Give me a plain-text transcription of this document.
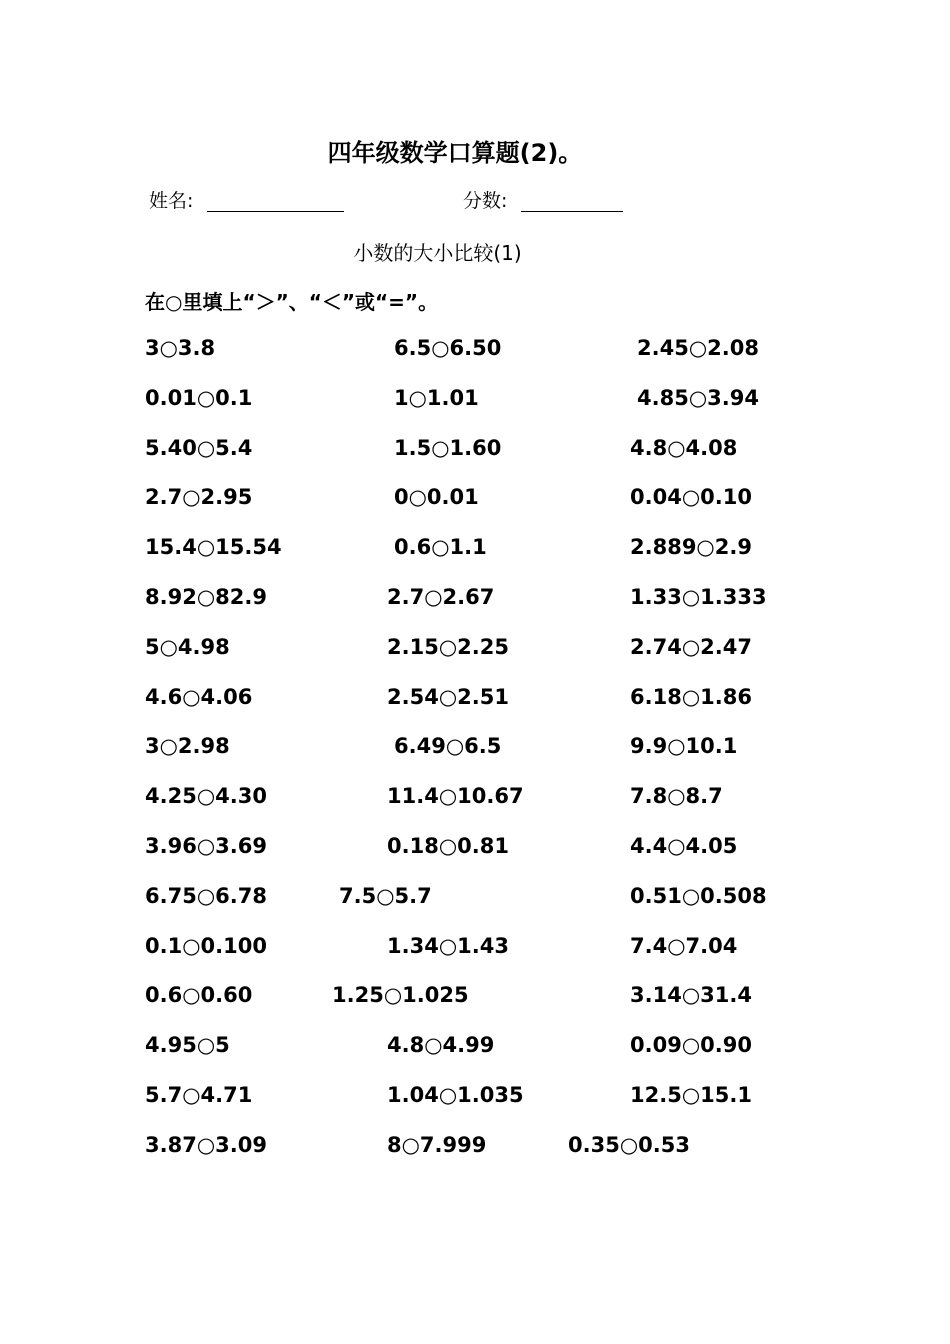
四年级数学口算题(2)。
姓名:	分数:
小数的大小比较(1)
在○里填上“＞”、“＜”或“=”。
3○3.8	6.5○6.50	2.45○2.08
0.01○0.1	1○1.01	4.85○3.94
5.40○5.4	1.5○1.60	4.8○4.08
2.7○2.95	0○0.01	0.04○0.10
15.4○15.54	0.6○1.1	2.889○2.9
8.92○82.9	2.7○2.67	1.33○1.333
5○4.98	2.15○2.25	2.74○2.47
4.6○4.06	2.54○2.51	6.18○1.86
3○2.98	6.49○6.5	9.9○10.1
4.25○4.30	11.4○10.67	7.8○8.7
3.96○3.69	0.18○0.81	4.4○4.05
6.75○6.78	7.5○5.7	0.51○0.508
0.1○0.100	1.34○1.43	7.4○7.04
0.6○0.60	1.25○1.025	3.14○31.4
4.95○5	4.8○4.99	0.09○0.90
5.7○4.71	1.04○1.035	12.5○15.1
3.87○3.09	8○7.999	0.35○0.53
